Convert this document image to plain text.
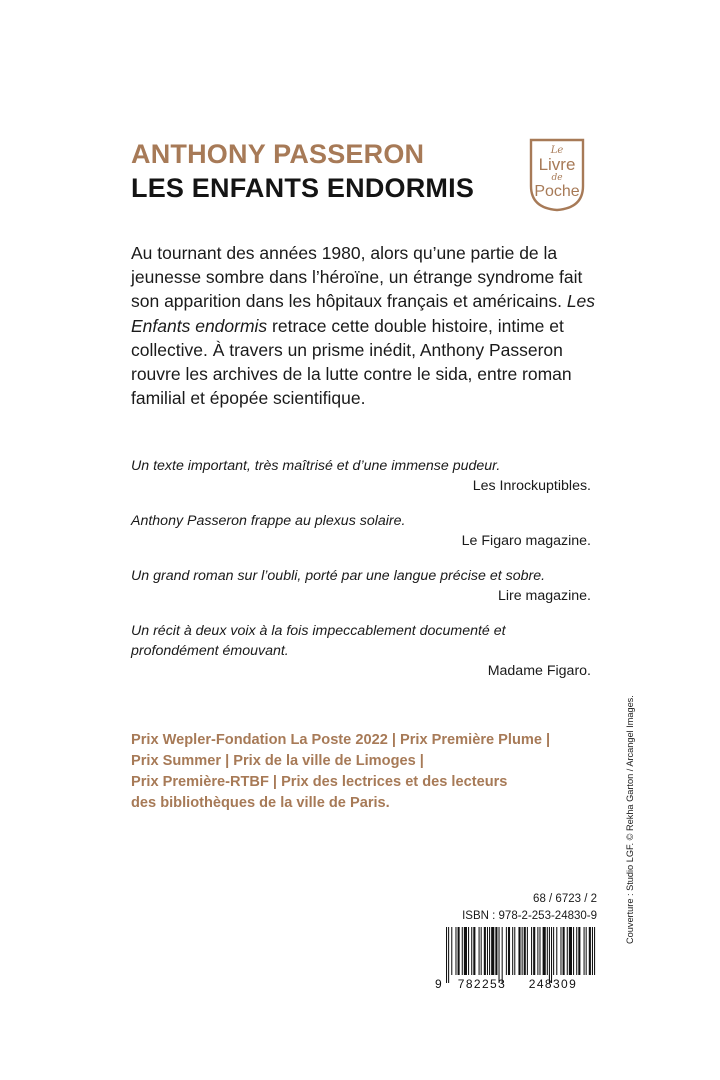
ANTHONY PASSERON
LES ENFANTS ENDORMIS
Le
Livre
de
Poche

Au tournant des années 1980, alors qu’une partie de la jeunesse sombre dans l’héroïne, un étrange syndrome fait son apparition dans les hôpitaux français et américains. Les Enfants endormis retrace cette double histoire, intime et collective. À travers un prisme inédit, Anthony Passeron rouvre les archives de la lutte contre le sida, entre roman familial et épopée scientifique.

Un texte important, très maîtrisé et d’une immense pudeur.

Les Inrockuptibles.

Anthony Passeron frappe au plexus solaire.

Le Figaro magazine.

Un grand roman sur l’oubli, porté par une langue précise et sobre.

Lire magazine.

Un récit à deux voix à la fois impeccablement documenté et profondément émouvant.

Madame Figaro.

Prix Wepler-Fondation La Poste 2022 | Prix Première Plume |
Prix Summer | Prix de la ville de Limoges |
Prix Première-RTBF | Prix des lectrices et des lecteurs
des bibliothèques de la ville de Paris.

68 / 6723 / 2
ISBN : 978-2-253-24830-9
9 782253 248309
Couverture : Studio LGF. © Rekha Garton / Arcangel Images.
